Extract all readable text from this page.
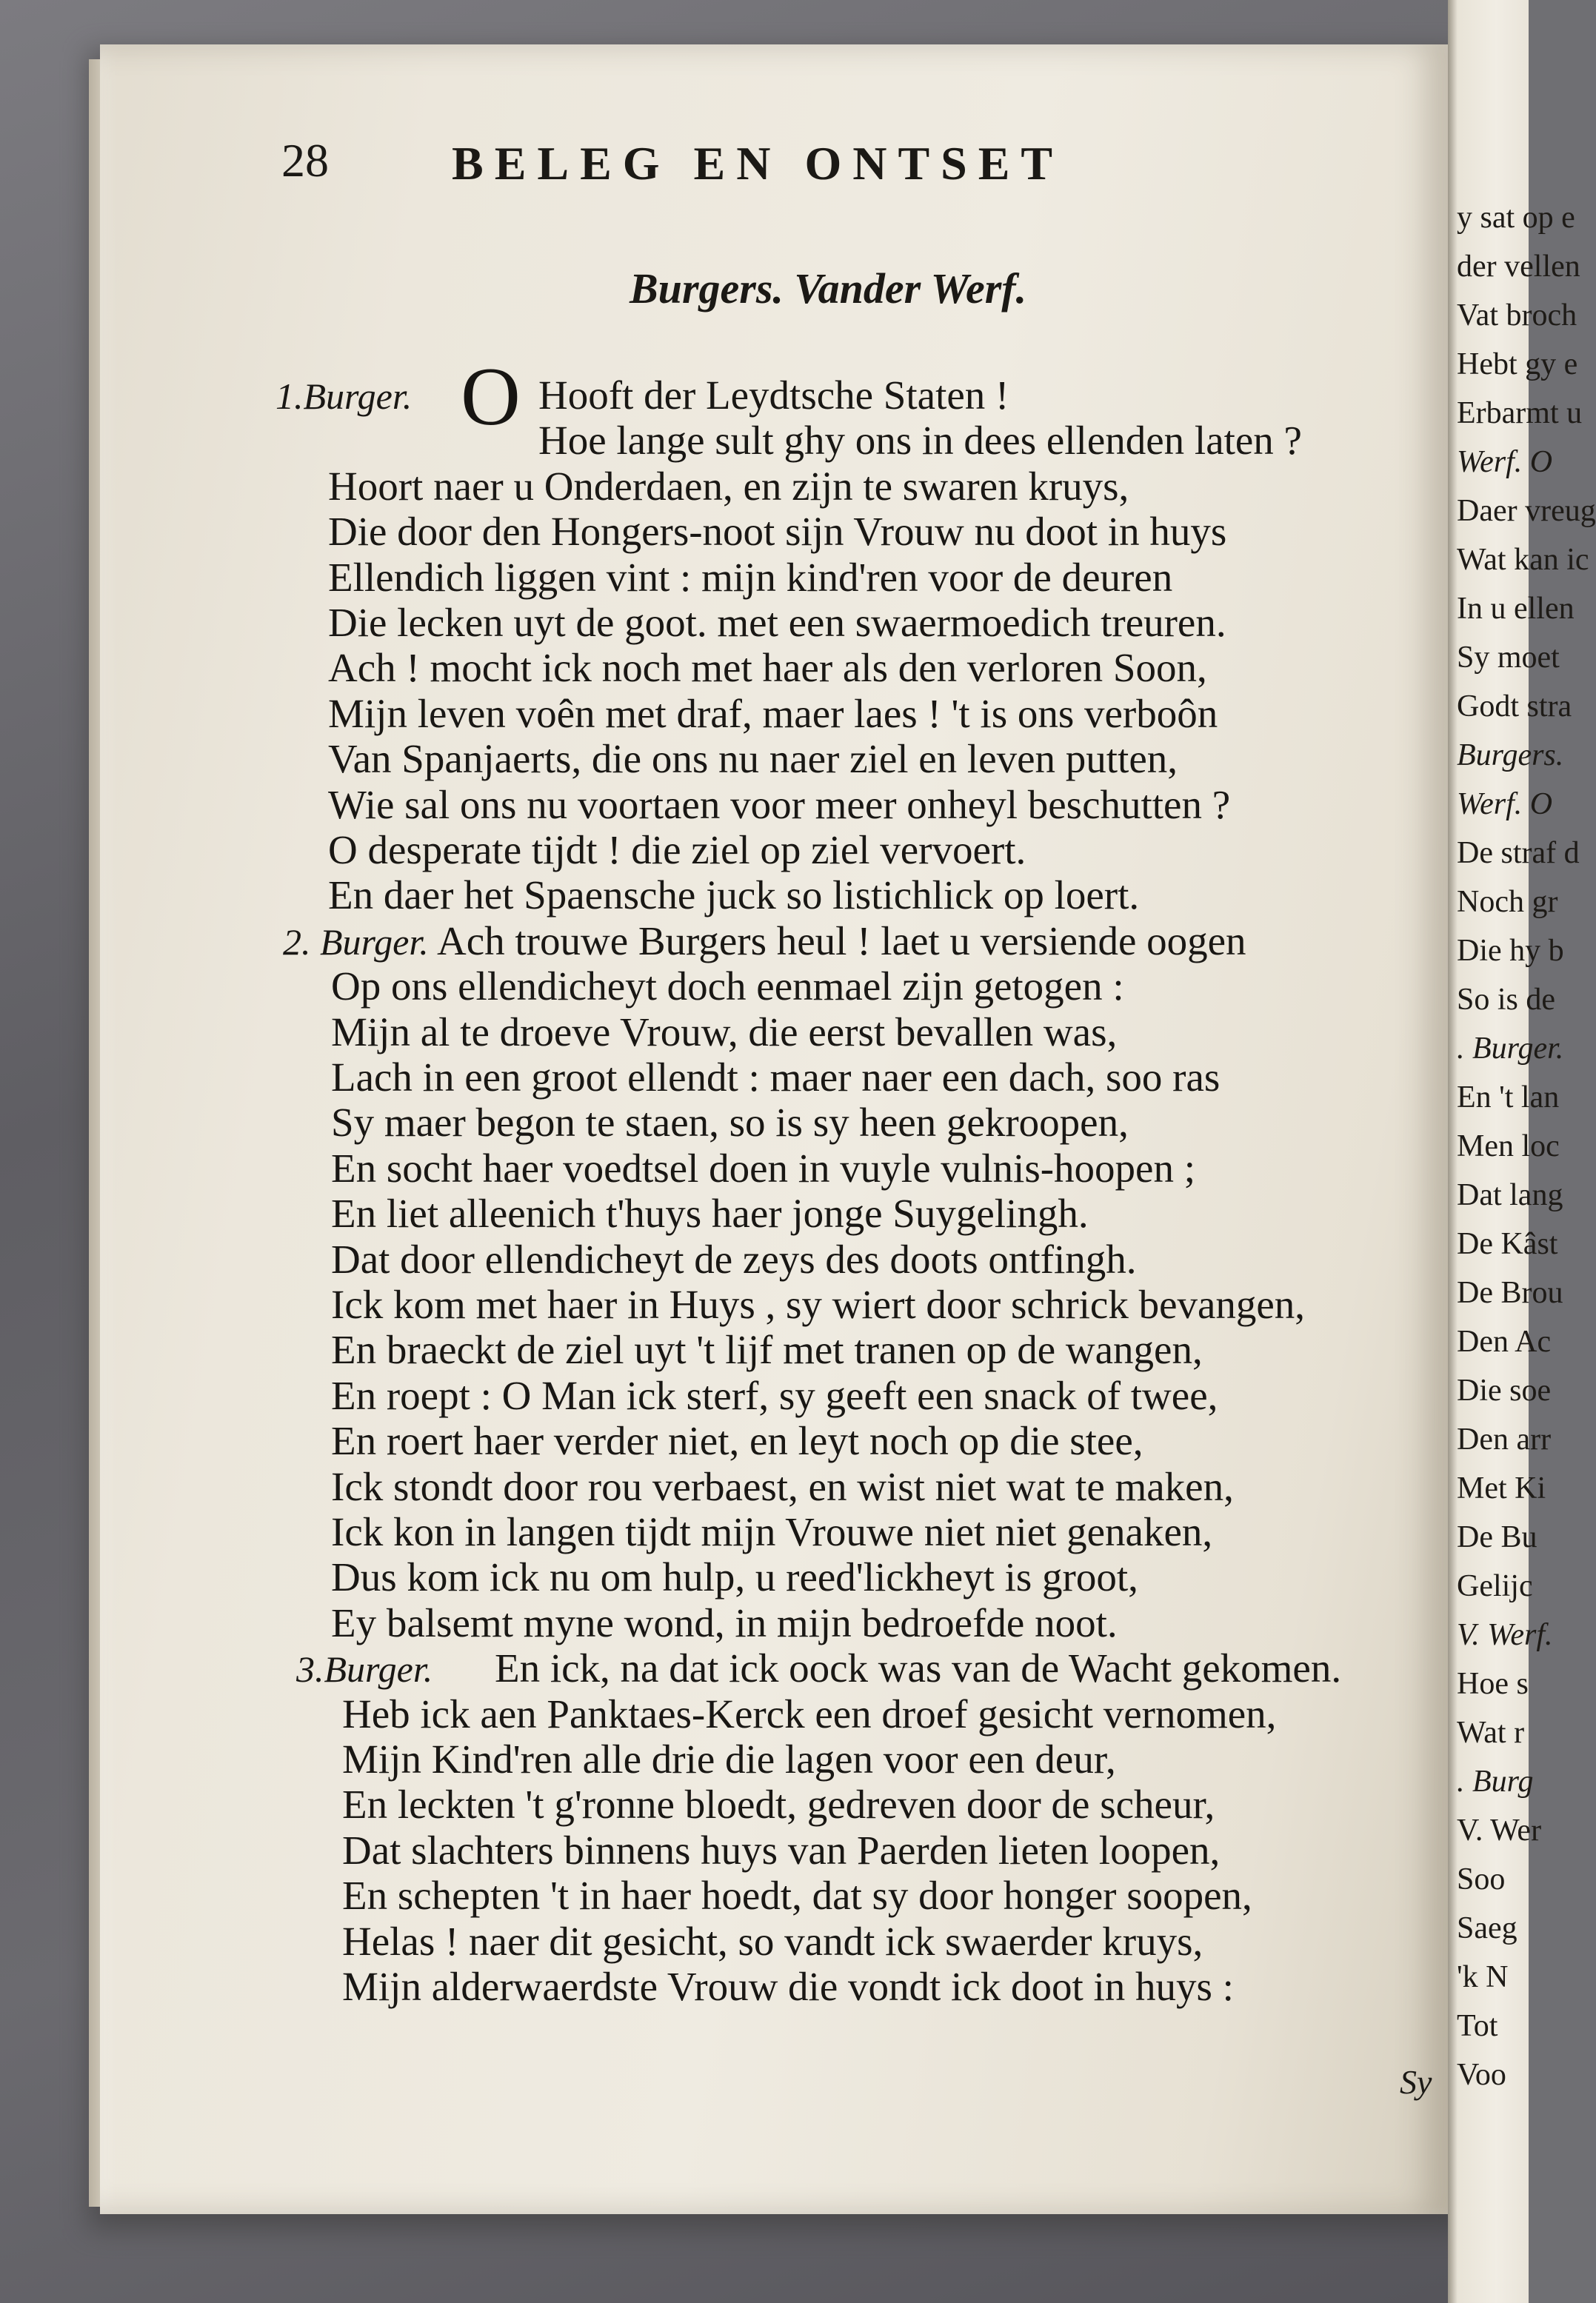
28	BELEG EN ONTSET
Burgers. Vander Werf.
O
1.Burger.	Hooft der Leydtsche Staten !
Hoe lange sult ghy ons in dees ellenden laten ?
Hoort naer u Onderdaen, en zijn te swaren kruys,
Die door den Hongers-noot sijn Vrouw nu doot in huys
Ellendich liggen vint : mijn kind'ren voor de deuren
Die lecken uyt de goot. met een swaermoedich treuren.
Ach ! mocht ick noch met haer als den verloren Soon,
Mijn leven voên met draf, maer laes ! 't is ons verboôn
Van Spanjaerts, die ons nu naer ziel en leven putten,
Wie sal ons nu voortaen voor meer onheyl beschutten ?
O desperate tijdt ! die ziel op ziel vervoert.
En daer het Spaensche juck so listichlick op loert.
2. Burger. Ach trouwe Burgers heul ! laet u versiende oogen
Op ons ellendicheyt doch eenmael zijn getogen :
Mijn al te droeve Vrouw, die eerst bevallen was,
Lach in een groot ellendt : maer naer een dach, soo ras
Sy maer begon te staen, so is sy heen gekroopen,
En socht haer voedtsel doen in vuyle vulnis-hoopen ;
En liet alleenich t'huys haer jonge Suygelingh.
Dat door ellendicheyt de zeys des doots ontfingh.
Ick kom met haer in Huys , sy wiert door schrick bevangen,
En braeckt de ziel uyt 't lijf met tranen op de wangen,
En roept : O Man ick sterf, sy geeft een snack of twee,
En roert haer verder niet, en leyt noch op die stee,
Ick stondt door rou verbaest, en wist niet wat te maken,
Ick kon in langen tijdt mijn Vrouwe niet niet genaken,
Dus kom ick nu om hulp, u reed'lickheyt is groot,
Ey balsemt myne wond, in mijn bedroefde noot.
3.Burger. En ick, na dat ick oock was van de Wacht gekomen.
Heb ick aen Panktaes-Kerck een droef gesicht vernomen,
Mijn Kind'ren alle drie die lagen voor een deur,
En leckten 't g'ronne bloedt, gedreven door de scheur,
Dat slachters binnens huys van Paerden lieten loopen,
En schepten 't in haer hoedt, dat sy door honger soopen,
Helas ! naer dit gesicht, so vandt ick swaerder kruys,
Mijn alderwaerdste Vrouw die vondt ick doot in huys :
Sy
y sat op e
der vellen
Vat broch
Hebt gy e
Erbarmt u
Werf. O
Daer vreug
Wat kan ic
In u ellen
Sy moet
Godt stra
Burgers.
Werf. O
De straf d
Noch gr
Die hy b
So is de
. Burger.
En 't lan
Men loc
Dat lang
De Kâst
De Brou
Den Ac
Die soe
Den arr
Met Ki
De Bu
Gelijc
V. Werf.
Hoe s
Wat r
. Burg
V. Wer
Soo
Saeg
'k N
Tot
Voo
